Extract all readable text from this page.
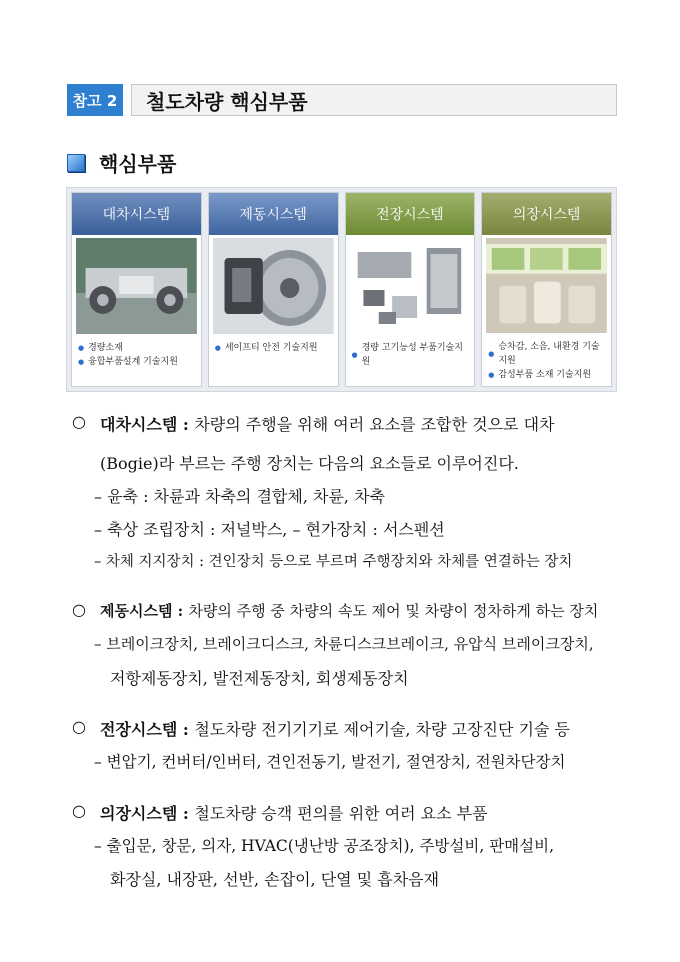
참고 2	철도차량 핵심부품
핵심부품
대차시스템
● 경량소재
● 융합부품설계 기술지원
제동시스템
● 세이프티 안전 기술지원
전장시스템
● 경량 고기능성 부품기술지원
의장시스템
● 승차감, 소음, 내환경 기술지원
● 감성부품 소재 기술지원
○ 대차시스템 : 차량의 주행을 위해 여러 요소를 조합한 것으로 대차
(Bogie)라 부르는 주행 장치는 다음의 요소들로 이루어진다.
– 윤축 : 차륜과 차축의 결합체, 차륜, 차축
– 축상 조립장치 : 저널박스, – 현가장치 : 서스펜션
– 차체 지지장치 : 견인장치 등으로 부르며 주행장치와 차체를 연결하는 장치
○ 제동시스템 : 차량의 주행 중 차량의 속도 제어 및 차량이 정차하게 하는 장치
– 브레이크장치, 브레이크디스크, 차륜디스크브레이크, 유압식 브레이크장치,
저항제동장치, 발전제동장치, 회생제동장치
○ 전장시스템 : 철도차량 전기기기로 제어기술, 차량 고장진단 기술 등
– 변압기, 컨버터/인버터, 견인전동기, 발전기, 절연장치, 전원차단장치
○ 의장시스템 : 철도차량 승객 편의를 위한 여러 요소 부품
– 출입문, 창문, 의자, HVAC(냉난방 공조장치), 주방설비, 판매설비,
화장실, 내장판, 선반, 손잡이, 단열 및 흡차음재
